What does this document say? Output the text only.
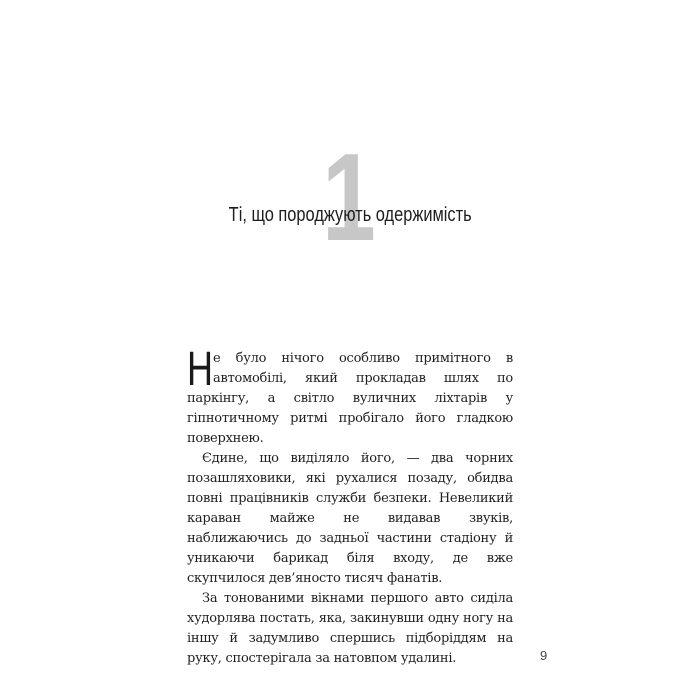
1
Ті, що породжують одержимість

Не було нічого особливо примітного в автомобілі, який прокладав шлях по паркінгу, а світло вуличних ліхтарів у гіпнотичному ритмі пробігало його гладкою поверхнею.

Єдине, що виділяло його, — два чорних позашляховики, які рухалися позаду, обидва повні працівників служби безпеки. Невеликий караван майже не видавав звуків, наближаючись до задньої частини стадіону й уникаючи барикад біля входу, де вже скупчилося дев’яносто тисяч фанатів.

За тонованими вікнами першого авто сиділа худорлява постать, яка, закинувши одну ногу на іншу й задумливо спершись підборіддям на руку, спостерігала за натовпом удалині.	9
